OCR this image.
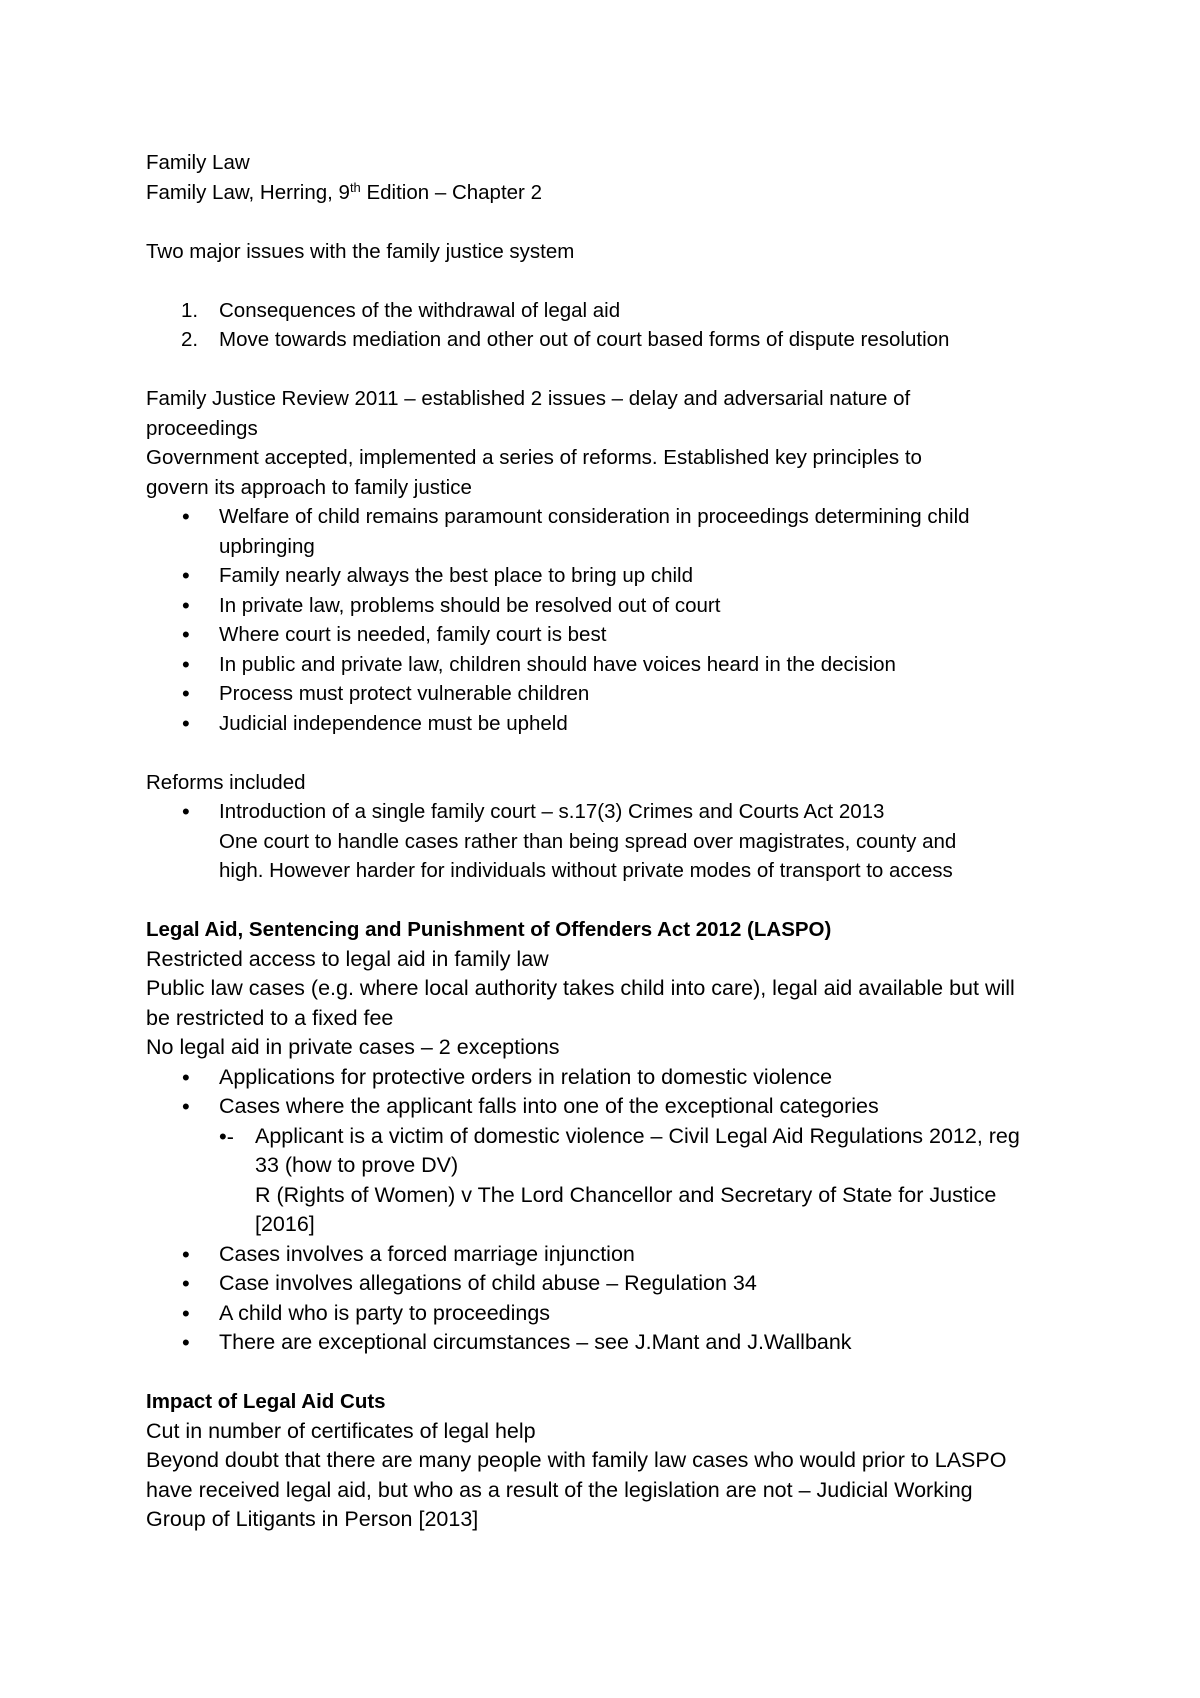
Family Law

Family Law, Herring, 9th Edition – Chapter 2

Two major issues with the family justice system

1. Consequences of the withdrawal of legal aid
2. Move towards mediation and other out of court based forms of dispute resolution

Family Justice Review 2011 – established 2 issues – delay and adversarial nature of

proceedings

Government accepted, implemented a series of reforms. Established key principles to

govern its approach to family justice

•
Welfare of child remains paramount consideration in proceedings determining child
upbringing
•
Family nearly always the best place to bring up child
•
In private law, problems should be resolved out of court
•
Where court is needed, family court is best
•
In public and private law, children should have voices heard in the decision
•
Process must protect vulnerable children
•
Judicial independence must be upheld

Reforms included

•
Introduction of a single family court – s.17(3) Crimes and Courts Act 2013
One court to handle cases rather than being spread over magistrates, county and
high. However harder for individuals without private modes of transport to access

Legal Aid, Sentencing and Punishment of Offenders Act 2012 (LASPO)

Restricted access to legal aid in family law

Public law cases (e.g. where local authority takes child into care), legal aid available but will

be restricted to a fixed fee

No legal aid in private cases – 2 exceptions

•
Applications for protective orders in relation to domestic violence
•
Cases where the applicant falls into one of the exceptional categories
• - Applicant is a victim of domestic violence – Civil Legal Aid Regulations 2012, reg
33 (how to prove DV)
R (Rights of Women) v The Lord Chancellor and Secretary of State for Justice
[2016]
•
Cases involves a forced marriage injunction
•
Case involves allegations of child abuse – Regulation 34
•
A child who is party to proceedings
•
There are exceptional circumstances – see J.Mant and J.Wallbank

Impact of Legal Aid Cuts

Cut in number of certificates of legal help

Beyond doubt that there are many people with family law cases who would prior to LASPO

have received legal aid, but who as a result of the legislation are not – Judicial Working

Group of Litigants in Person [2013]
